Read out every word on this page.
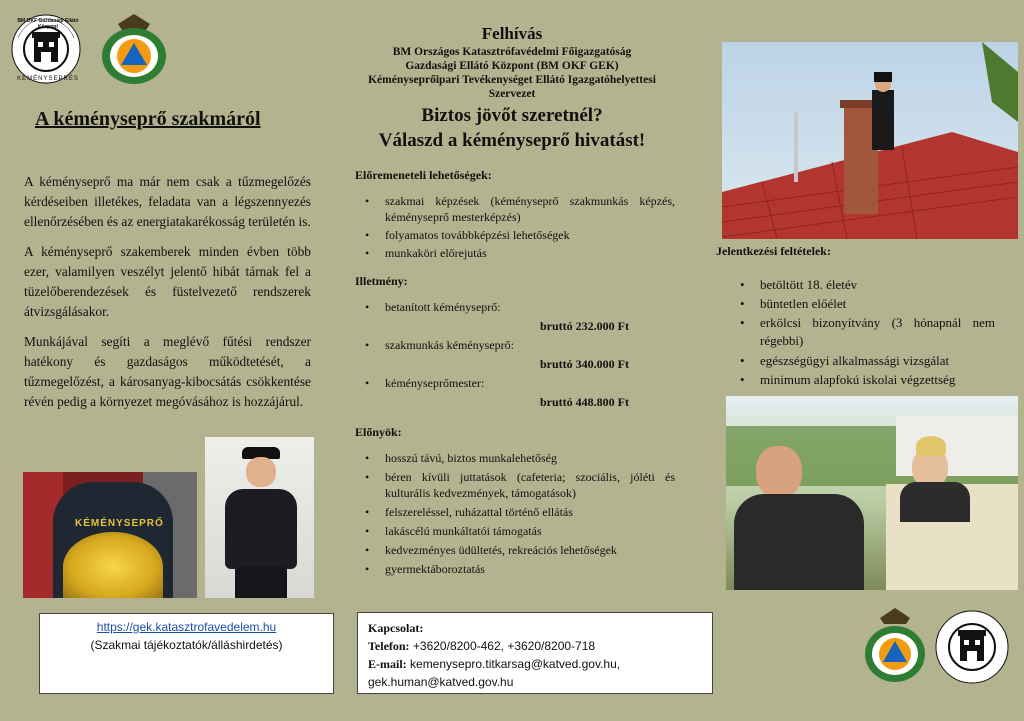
BM OKF Gazdasági Ellátó Központ
KÉMÉNYSEPRÉS
A kéményseprő szakmáról

A kéményseprő ma már nem csak a tűzmegelőzés kérdéseiben illetékes, feladata van a légszennyezés ellenőrzésében és az energiatakarékosság területén is.

A kéményseprő szakemberek minden évben több ezer, valamilyen veszélyt jelentő hibát tárnak fel a tüzelőberendezések és füstelvezető rendszerek átvizsgálásakor.

Munkájával segíti a meglévő fűtési rendszer hatékony és gazdaságos működtetését, a tűzmegelőzést, a károsanyag-kibocsátás csökkentése révén pedig a környezet megóvásához is hozzájárul.

KÉMÉNYSEPRŐ
https://gek.katasztrofavedelem.hu
(Szakmai tájékoztatók/álláshirdetés)
Felhívás
BM Országos Katasztrófavédelmi Főigazgatóság
Gazdasági Ellátó Központ (BM OKF GEK)
Kéményseprőipari Tevékenységet Ellátó Igazgatóhelyettesi
Szervezet
Biztos jövőt szeretnél?
Válaszd a kéményseprő hivatást!
Előremeneteli lehetőségek:
• szakmai képzések (kéményseprő szakmunkás képzés, kéményseprő mesterképzés)
• folyamatos továbbképzési lehetőségek
• munkaköri előrejutás
Illetmény:
• betanított kéményseprő:
bruttó 232.000 Ft
• szakmunkás kéményseprő:
bruttó 340.000 Ft
• kéményseprőmester:
bruttó 448.800 Ft
Előnyök:
• hosszú távú, biztos munkalehetőség
• béren kívüli juttatások (cafeteria; szociális, jóléti és kulturális kedvezmények, támogatások)
• felszereléssel, ruházattal történő ellátás
• lakáscélú munkáltatói támogatás
• kedvezményes üdültetés, rekreációs lehetőségek
• gyermektáboroztatás
Kapcsolat:
Telefon: +3620/8200-462, +3620/8200-718
E-mail: kemenyseprо.titkarsag@katved.gov.hu,
gek.human@katved.gov.hu
Jelentkezési feltételek:
• betöltött 18. életév
• büntetlen előélet
• erkölcsi bizonyítvány (3 hónapnál nem régebbi)
• egészségügyi alkalmassági vizsgálat
• minimum alapfokú iskolai végzettség
